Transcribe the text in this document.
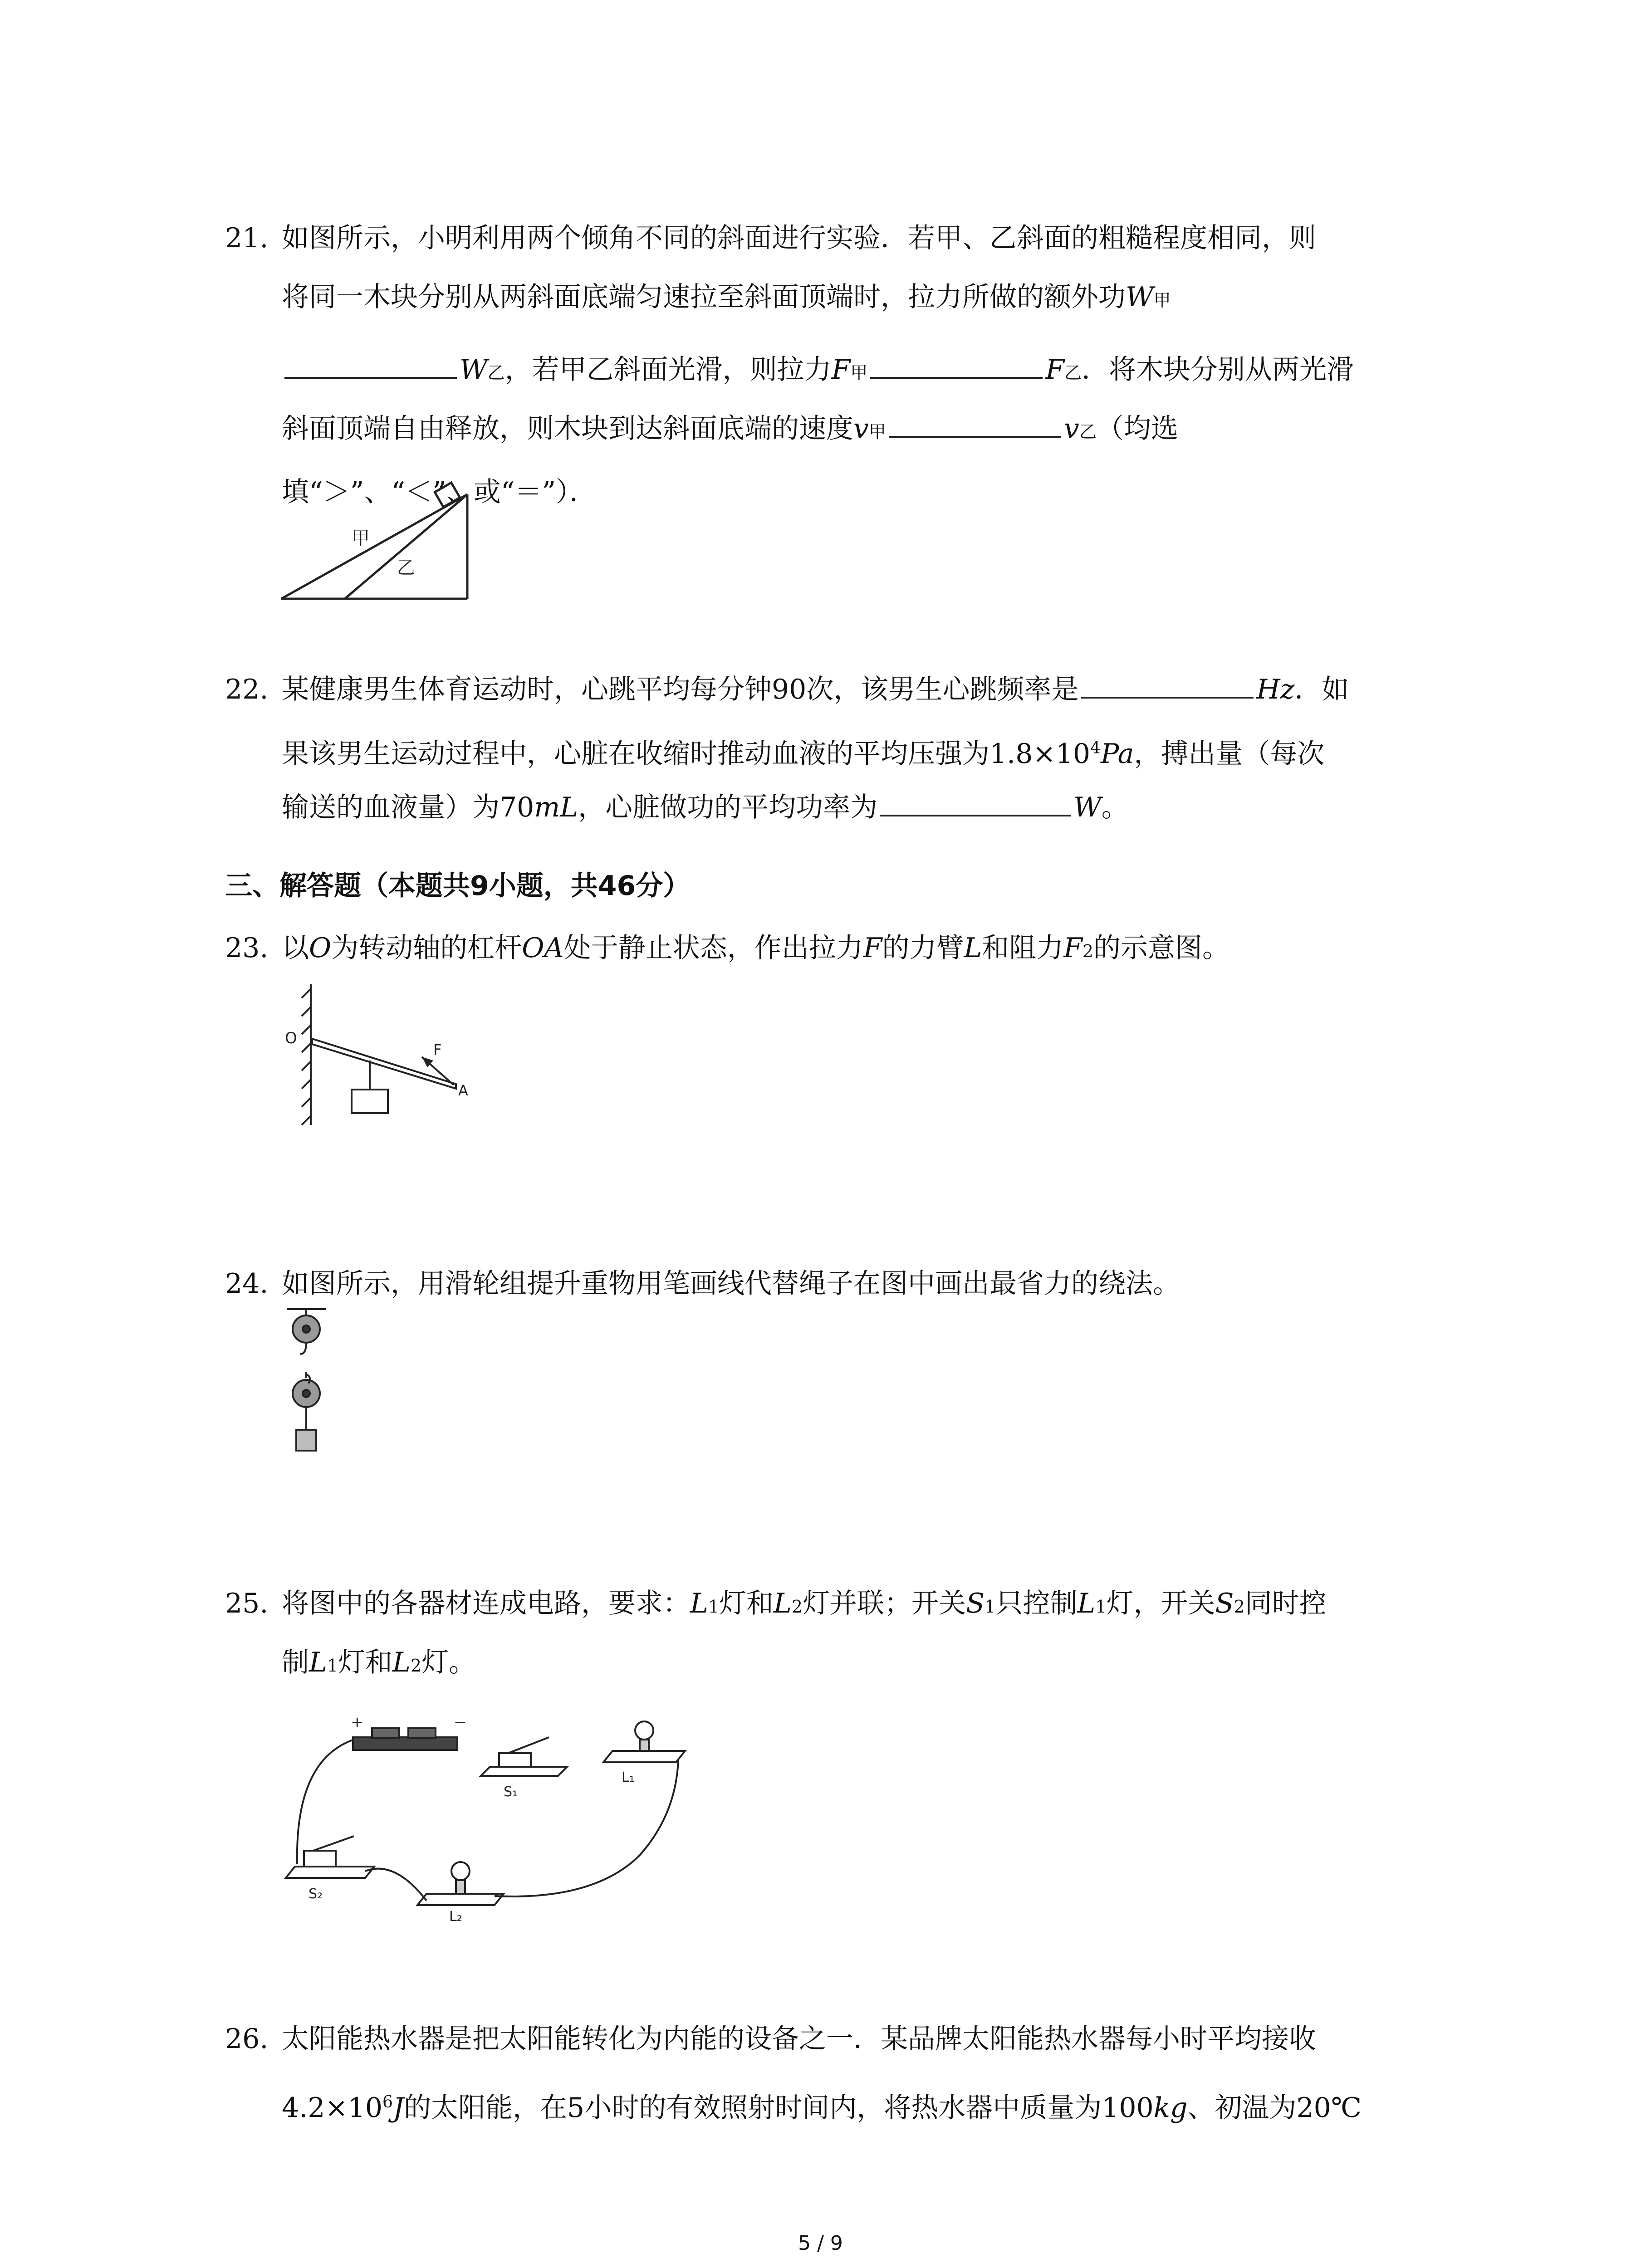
21. 如图所示，小明利用两个倾角不同的斜面进行实验．若甲、乙斜面的粗糙程度相同，则
将同一木块分别从两斜面底端匀速拉至斜面顶端时，拉力所做的额外功W甲
W乙，若甲乙斜面光滑，则拉力F甲	F乙．将木块分别从两光滑
斜面顶端自由释放，则木块到达斜面底端的速度v甲	v乙（均选
填“＞”、“＜”、或“＝”）．
甲
乙
22. 某健康男生体育运动时，心跳平均每分钟90次，该男生心跳频率是	Hz．如
果该男生运动过程中，心脏在收缩时推动血液的平均压强为$1.8\times 10^4Pa$，搏出量（每次
输送的血液量）为70mL，心脏做功的平均功率为	W。
三、解答题（本题共9小题，共46分）
23. 以O为转动轴的杠杆OA处于静止状态，作出拉力F的力臂L和阻力F2的示意图。
O
F
A
24. 如图所示，用滑轮组提升重物用笔画线代替绳子在图中画出最省力的绕法。
25. 将图中的各器材连成电路，要求：L1灯和L2灯并联；开关S1只控制L1灯，开关S2同时控
制L1灯和L2灯。
+	−
S₁
L₁
S₂
L₂
26. 太阳能热水器是把太阳能转化为内能的设备之一．某品牌太阳能热水器每小时平均接收
$4.2\times 10^6J$的太阳能，在5小时的有效照射时间内，将热水器中质量为100kg、初温为20℃
5 / 9
